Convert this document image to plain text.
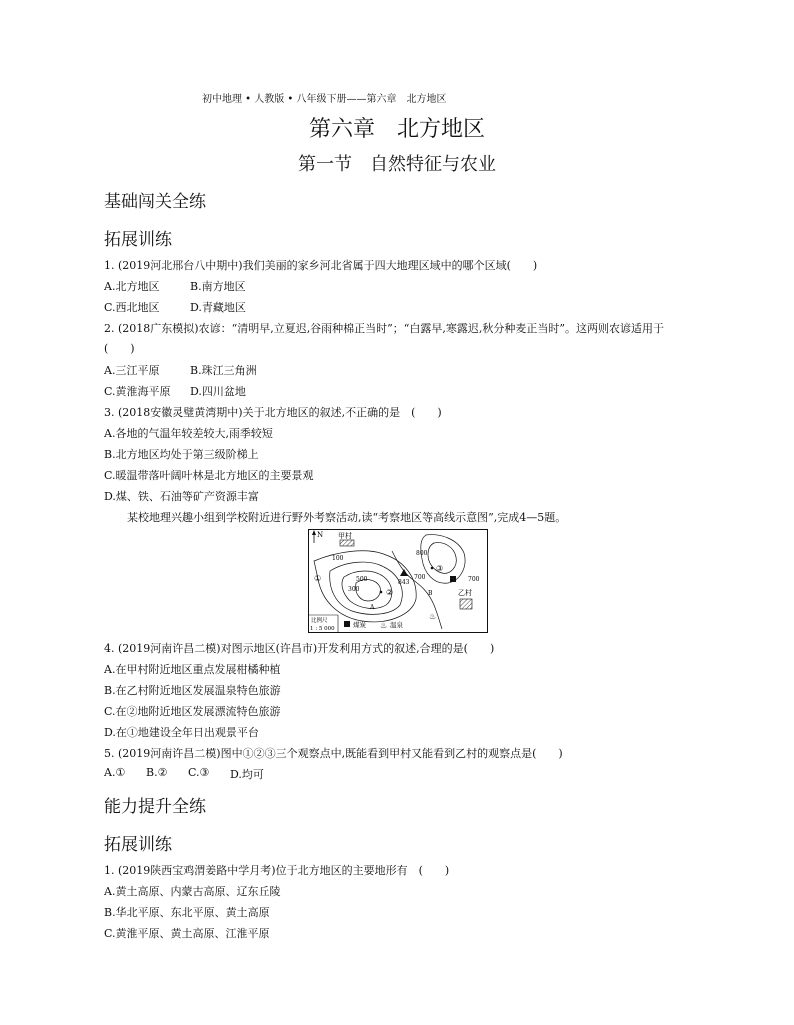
初中地理 • 人教版 • 八年级下册——第六章　北方地区
第六章　北方地区
第一节　自然特征与农业
基础闯关全练
拓展训练
1. (2019河北邢台八中期中)我们美丽的家乡河北省属于四大地理区域中的哪个区域(　　)
A.北方地区	B.南方地区
C.西北地区	D.青藏地区
2. (2018广东模拟)农谚：“清明早,立夏迟,谷雨种棉正当时”；“白露早,寒露迟,秋分种麦正当时”。这两则农谚适用于
(　　)
A.三江平原	B.珠江三角洲
C.黄淮海平原 D.四川盆地
3. (2018安徽灵璧黄湾期中)关于北方地区的叙述,不正确的是　(　　)
A.各地的气温年较差较大,雨季较短
B.北方地区均处于第三级阶梯上
C.暖温带落叶阔叶林是北方地区的主要景观
D.煤、铁、石油等矿产资源丰富
某校地理兴趣小组到学校附近进行野外考察活动,读“考察地区等高线示意图”,完成4—5题。
N 甲村
乙村
100
300
500	700	700
800
843
①
②
③
A
B
♨
比例尺
1 : 5 000	煤炭 ♨ 温泉
4. (2019河南许昌二模)对图示地区(许昌市)开发利用方式的叙述,合理的是(　　)
A.在甲村附近地区重点发展柑橘种植
B.在乙村附近地区发展温泉特色旅游
C.在②地附近地区发展漂流特色旅游
D.在①地建设全年日出观景平台
5. (2019河南许昌二模)图中①②③三个观察点中,既能看到甲村又能看到乙村的观察点是(　　)
A.① B.② C.③ D.均可
能力提升全练
拓展训练
1. (2019陕西宝鸡渭姜路中学月考)位于北方地区的主要地形有　(　　)
A.黄土高原、内蒙古高原、辽东丘陵
B.华北平原、东北平原、黄土高原
C.黄淮平原、黄土高原、江淮平原
